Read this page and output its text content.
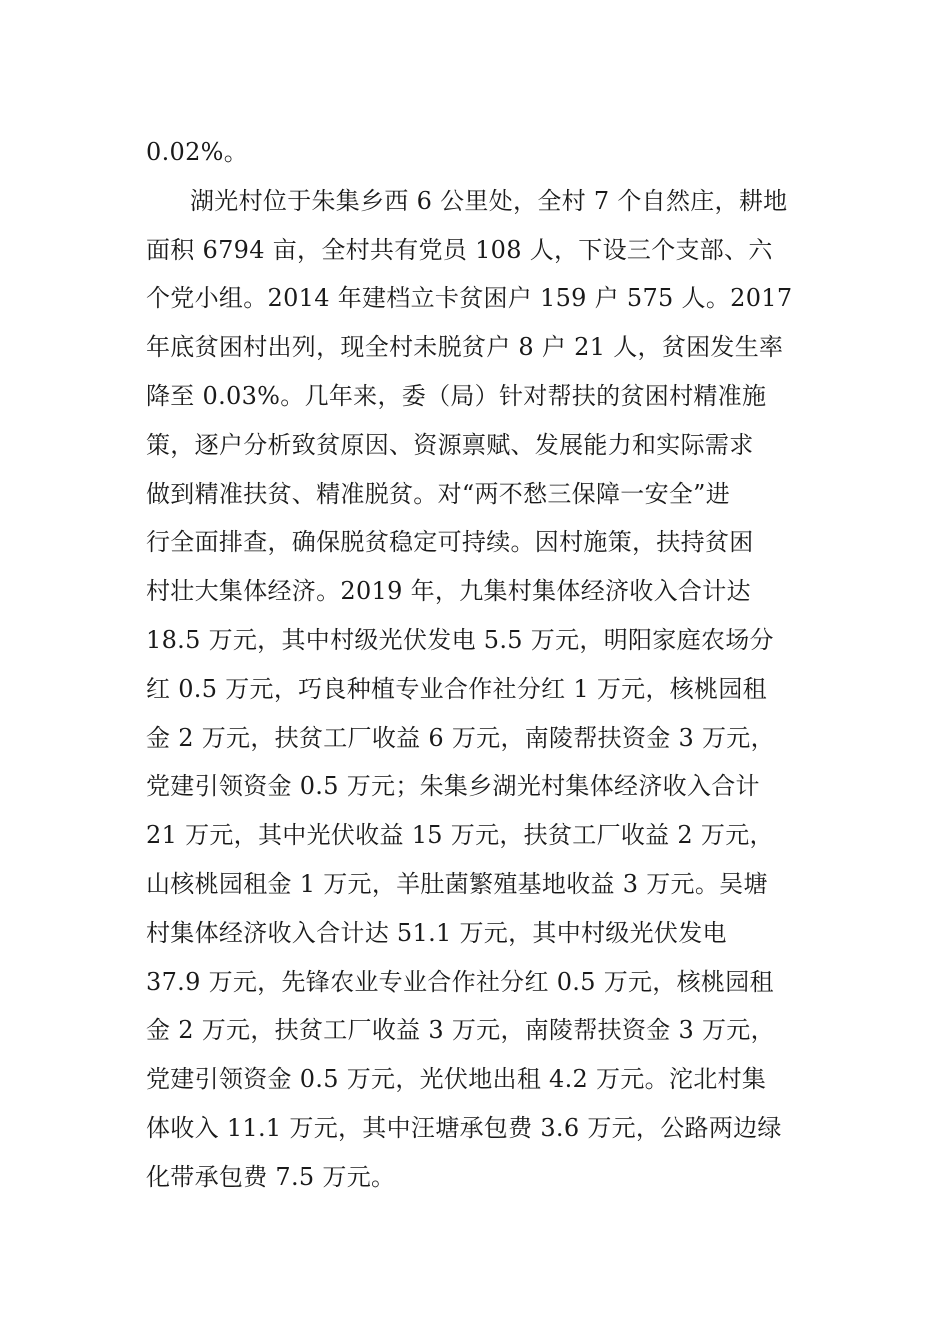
0.02%。
湖光村位于朱集乡西 6 公里处，全村 7 个自然庄，耕地
面积 6794 亩，全村共有党员 108 人，下设三个支部、六
个党小组。2014 年建档立卡贫困户 159 户 575 人。2017
年底贫困村出列，现全村未脱贫户 8 户 21 人，贫困发生率
降至 0.03%。几年来，委（局）针对帮扶的贫困村精准施
策，逐户分析致贫原因、资源禀赋、发展能力和实际需求
做到精准扶贫、精准脱贫。对“两不愁三保障一安全”进
行全面排查，确保脱贫稳定可持续。因村施策，扶持贫困
村壮大集体经济。2019 年，九集村集体经济收入合计达
18.5 万元，其中村级光伏发电 5.5 万元，明阳家庭农场分
红 0.5 万元，巧良种植专业合作社分红 1 万元，核桃园租
金 2 万元，扶贫工厂收益 6 万元，南陵帮扶资金 3 万元，
党建引领资金 0.5 万元；朱集乡湖光村集体经济收入合计
21 万元，其中光伏收益 15 万元，扶贫工厂收益 2 万元，
山核桃园租金 1 万元，羊肚菌繁殖基地收益 3 万元。吴塘
村集体经济收入合计达 51.1 万元，其中村级光伏发电
37.9 万元，先锋农业专业合作社分红 0.5 万元，核桃园租
金 2 万元，扶贫工厂收益 3 万元，南陵帮扶资金 3 万元，
党建引领资金 0.5 万元，光伏地出租 4.2 万元。沱北村集
体收入 11.1 万元，其中汪塘承包费 3.6 万元，公路两边绿
化带承包费 7.5 万元。
